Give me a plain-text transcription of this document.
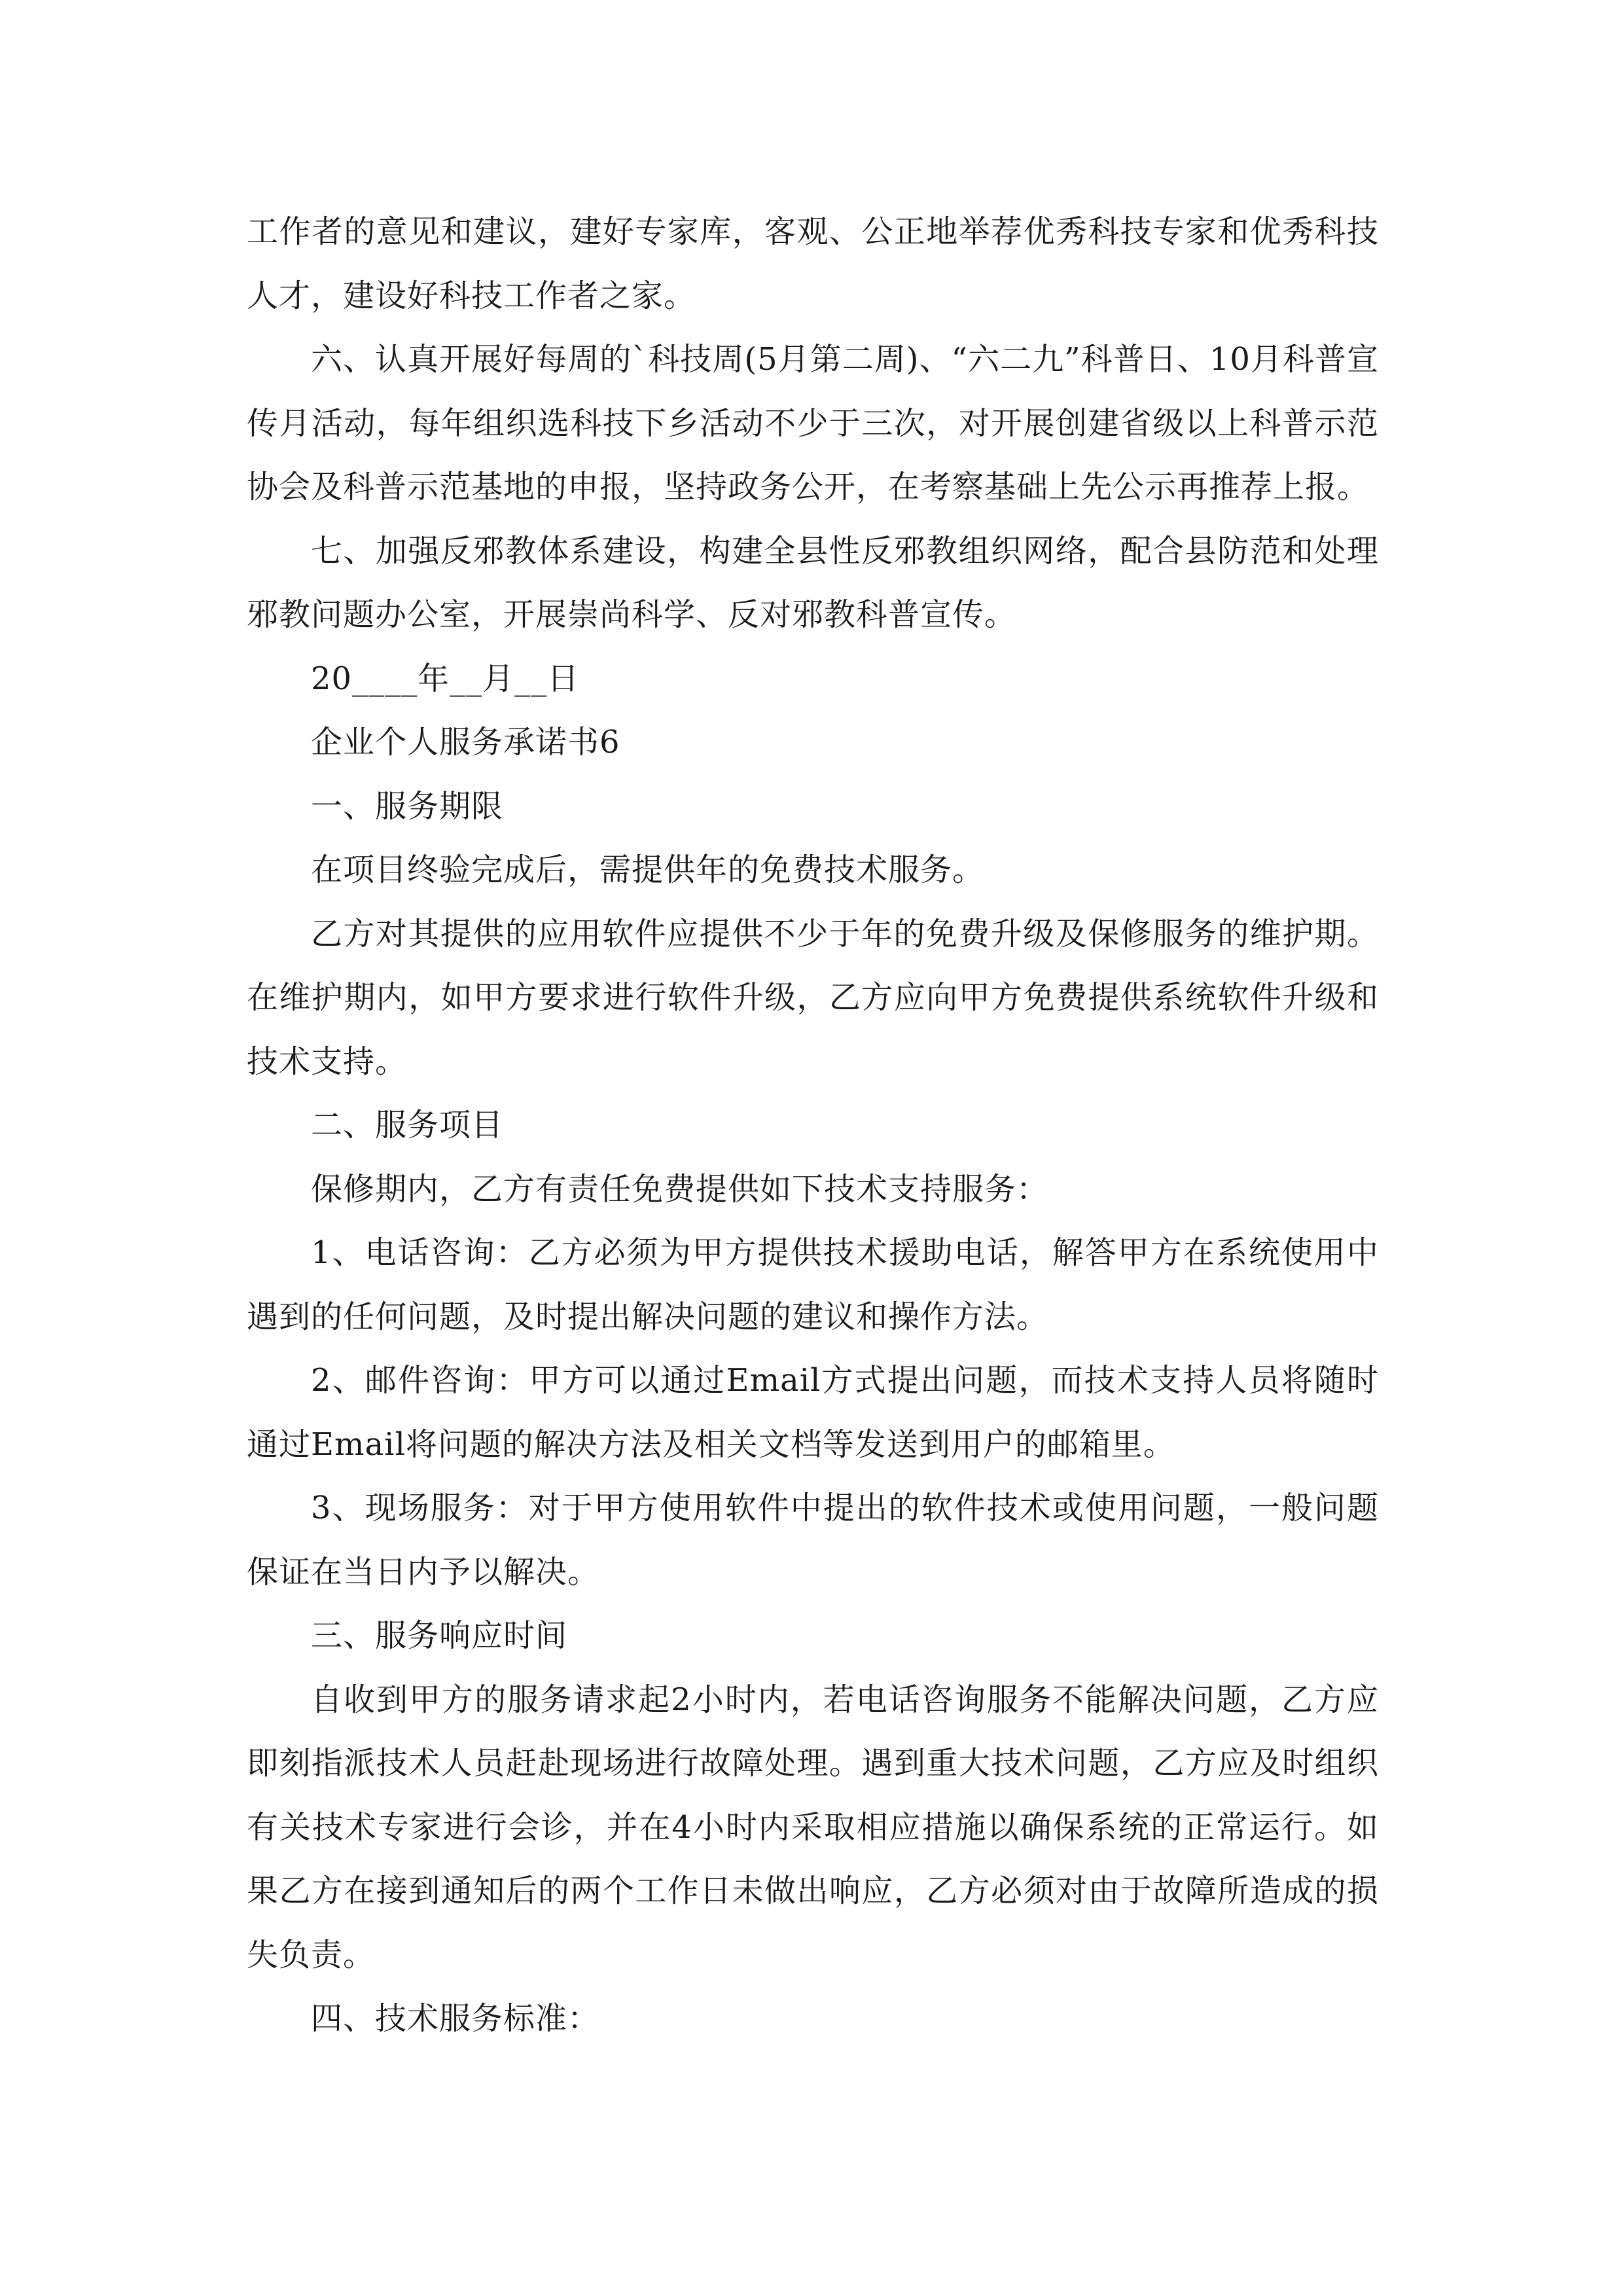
工作者的意见和建议，建好专家库，客观、公正地举荐优秀科技专家和优秀科技人才，建设好科技工作者之家。

六、认真开展好每周的`科技周(5月第二周)、“六二九”科普日、10月科普宣传月活动，每年组织选科技下乡活动不少于三次，对开展创建省级以上科普示范协会及科普示范基地的申报，坚持政务公开，在考察基础上先公示再推荐上报。

七、加强反邪教体系建设，构建全县性反邪教组织网络，配合县防范和处理邪教问题办公室，开展崇尚科学、反对邪教科普宣传。

20____年__月__日

企业个人服务承诺书6

一、服务期限

在项目终验完成后，需提供年的免费技术服务。

乙方对其提供的应用软件应提供不少于年的免费升级及保修服务的维护期。在维护期内，如甲方要求进行软件升级，乙方应向甲方免费提供系统软件升级和技术支持。

二、服务项目

保修期内，乙方有责任免费提供如下技术支持服务：

1、电话咨询：乙方必须为甲方提供技术援助电话，解答甲方在系统使用中遇到的任何问题，及时提出解决问题的建议和操作方法。

2、邮件咨询：甲方可以通过Email方式提出问题，而技术支持人员将随时通过Email将问题的解决方法及相关文档等发送到用户的邮箱里。

3、现场服务：对于甲方使用软件中提出的软件技术或使用问题，一般问题保证在当日内予以解决。

三、服务响应时间

自收到甲方的服务请求起2小时内，若电话咨询服务不能解决问题，乙方应即刻指派技术人员赶赴现场进行故障处理。遇到重大技术问题，乙方应及时组织有关技术专家进行会诊，并在4小时内采取相应措施以确保系统的正常运行。如果乙方在接到通知后的两个工作日未做出响应，乙方必须对由于故障所造成的损失负责。

四、技术服务标准：
